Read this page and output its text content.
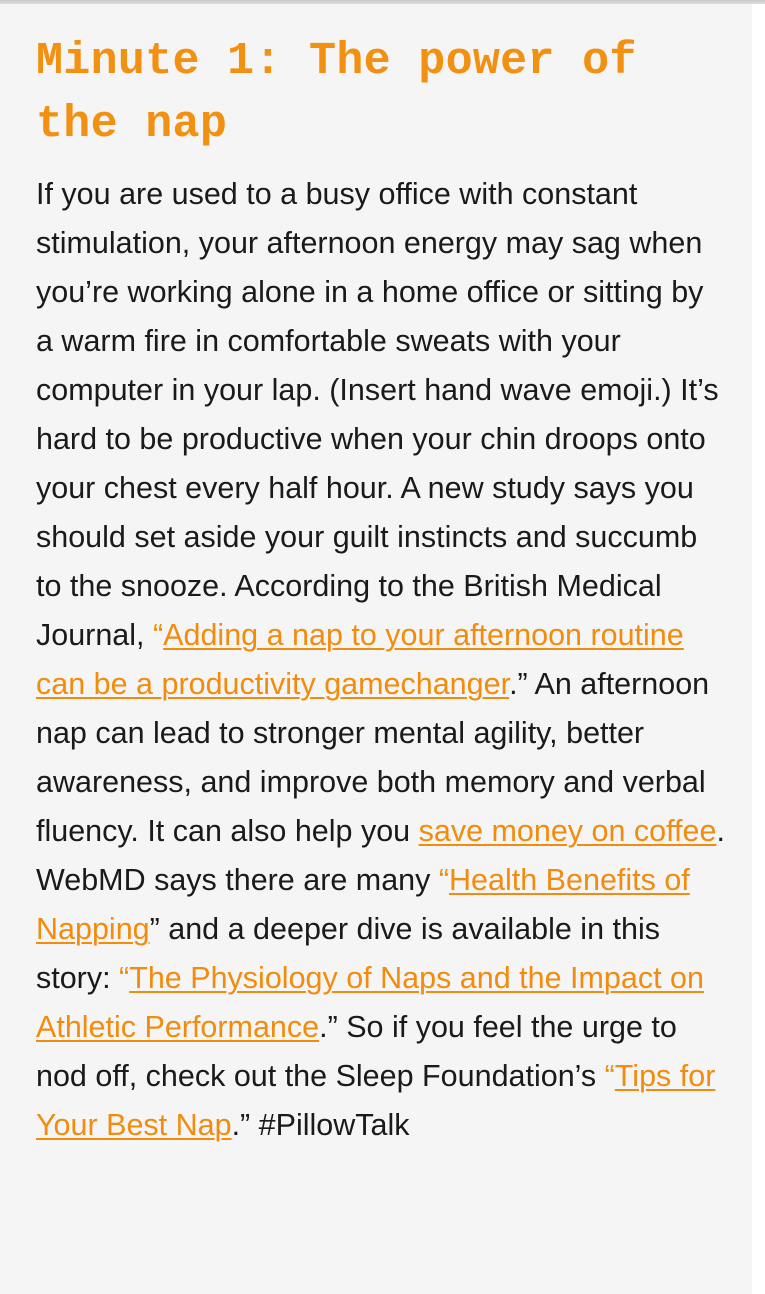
Minute 1: The power of the nap

If you are used to a busy office with constant stimulation, your afternoon energy may sag when you’re working alone in a home office or sitting by a warm fire in comfortable sweats with your computer in your lap. (Insert hand wave emoji.) It’s hard to be productive when your chin droops onto your chest every half hour. A new study says you should set aside your guilt instincts and succumb to the snooze. According to the British Medical Journal, “Adding a nap to your afternoon routine can be a productivity gamechanger.” An afternoon nap can lead to stronger mental agility, better awareness, and improve both memory and verbal fluency. It can also help you save money on coffee. WebMD says there are many “Health Benefits of Napping” and a deeper dive is available in this story: “The Physiology of Naps and the Impact on Athletic Performance.” So if you feel the urge to nod off, check out the Sleep Foundation’s “Tips for Your Best Nap.” #PillowTalk
